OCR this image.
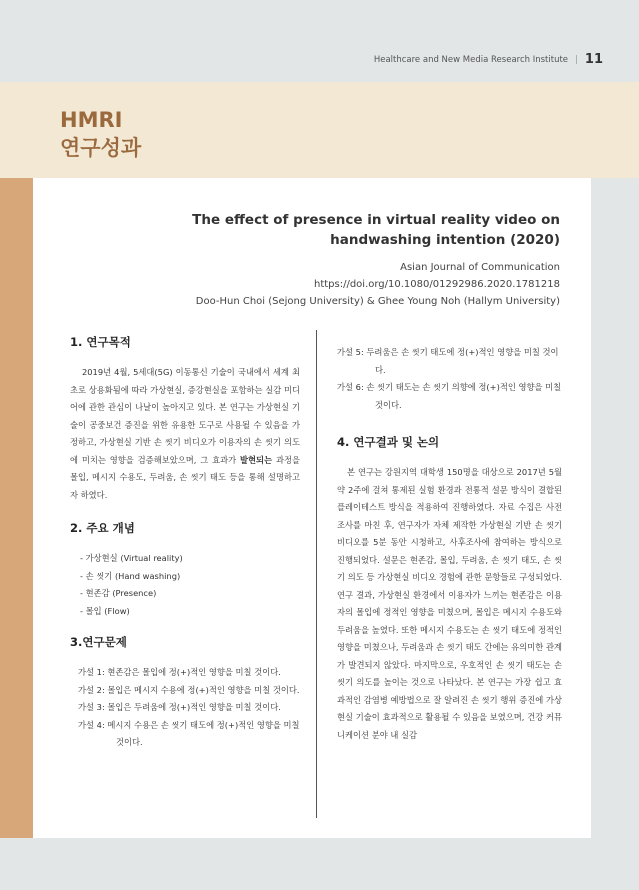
Healthcare and New Media Research Institute | 11
HMRI
연구성과
The effect of presence in virtual reality video on
handwashing intention (2020)
Asian Journal of Communication
https://doi.org/10.1080/01292986.2020.1781218
Doo-Hun Choi (Sejong University) & Ghee Young Noh (Hallym University)
1. 연구목적

2019년 4월, 5세대(5G) 이동통신 기술이 국내에서 세계 최초로 상용화됨에 따라 가상현실, 증강현실을 포함하는 실감 미디어에 관한 관심이 나날이 높아지고 있다. 본 연구는 가상현실 기술이 공중보건 증진을 위한 유용한 도구로 사용될 수 있음을 가정하고, 가상현실 기반 손 씻기 비디오가 이용자의 손 씻기 의도에 미치는 영향을 검증해보았으며, 그 효과가 발현되는 과정을 몰입, 메시지 수용도, 두려움, 손 씻기 태도 등을 통해 설명하고자 하였다.

2. 주요 개념
- 가상현실 (Virtual reality)
- 손 씻기 (Hand washing)
- 현존감 (Presence)
- 몰입 (Flow)
3.연구문제
가설 1: 현존감은 몰입에 정(+)적인 영향을 미칠 것이다.
가설 2: 몰입은 메시지 수용에 정(+)적인 영향을 미칠 것이다.
가설 3: 몰입은 두려움에 정(+)적인 영향을 미칠 것이다.
가설 4: 메시지 수용은 손 씻기 태도에 정(+)적인 영향을 미칠 것이다.
가설 5: 두려움은 손 씻기 태도에 정(+)적인 영향을 미칠 것이다.
가설 6: 손 씻기 태도는 손 씻기 의향에 정(+)적인 영향을 미칠 것이다.
4. 연구결과 및 논의

본 연구는 강원지역 대학생 150명을 대상으로 2017년 5월 약 2주에 걸쳐 통제된 실험 환경과 전통적 설문 방식이 결합된 플레이테스트 방식을 적용하여 진행하였다. 자료 수집은 사전조사를 마친 후, 연구자가 자체 제작한 가상현실 기반 손 씻기 비디오를 5분 동안 시청하고, 사후조사에 참여하는 방식으로 진행되었다. 설문은 현존감, 몰입, 두려움, 손 씻기 태도, 손 씻기 의도 등 가상현실 비디오 경험에 관한 문항들로 구성되었다. 연구 결과, 가상현실 환경에서 이용자가 느끼는 현존감은 이용자의 몰입에 정적인 영향을 미쳤으며, 몰입은 메시지 수용도와 두려움을 높였다. 또한 메시지 수용도는 손 씻기 태도에 정적인 영향을 미쳤으나, 두려움과 손 씻기 태도 간에는 유의미한 관계가 발견되지 않았다. 마지막으로, 우호적인 손 씻기 태도는 손 씻기 의도를 높이는 것으로 나타났다. 본 연구는 가장 쉽고 효과적인 감염병 예방법으로 잘 알려진 손 씻기 행위 증진에 가상현실 기술이 효과적으로 활용될 수 있음을 보였으며, 건강 커뮤니케이션 분야 내 실감
